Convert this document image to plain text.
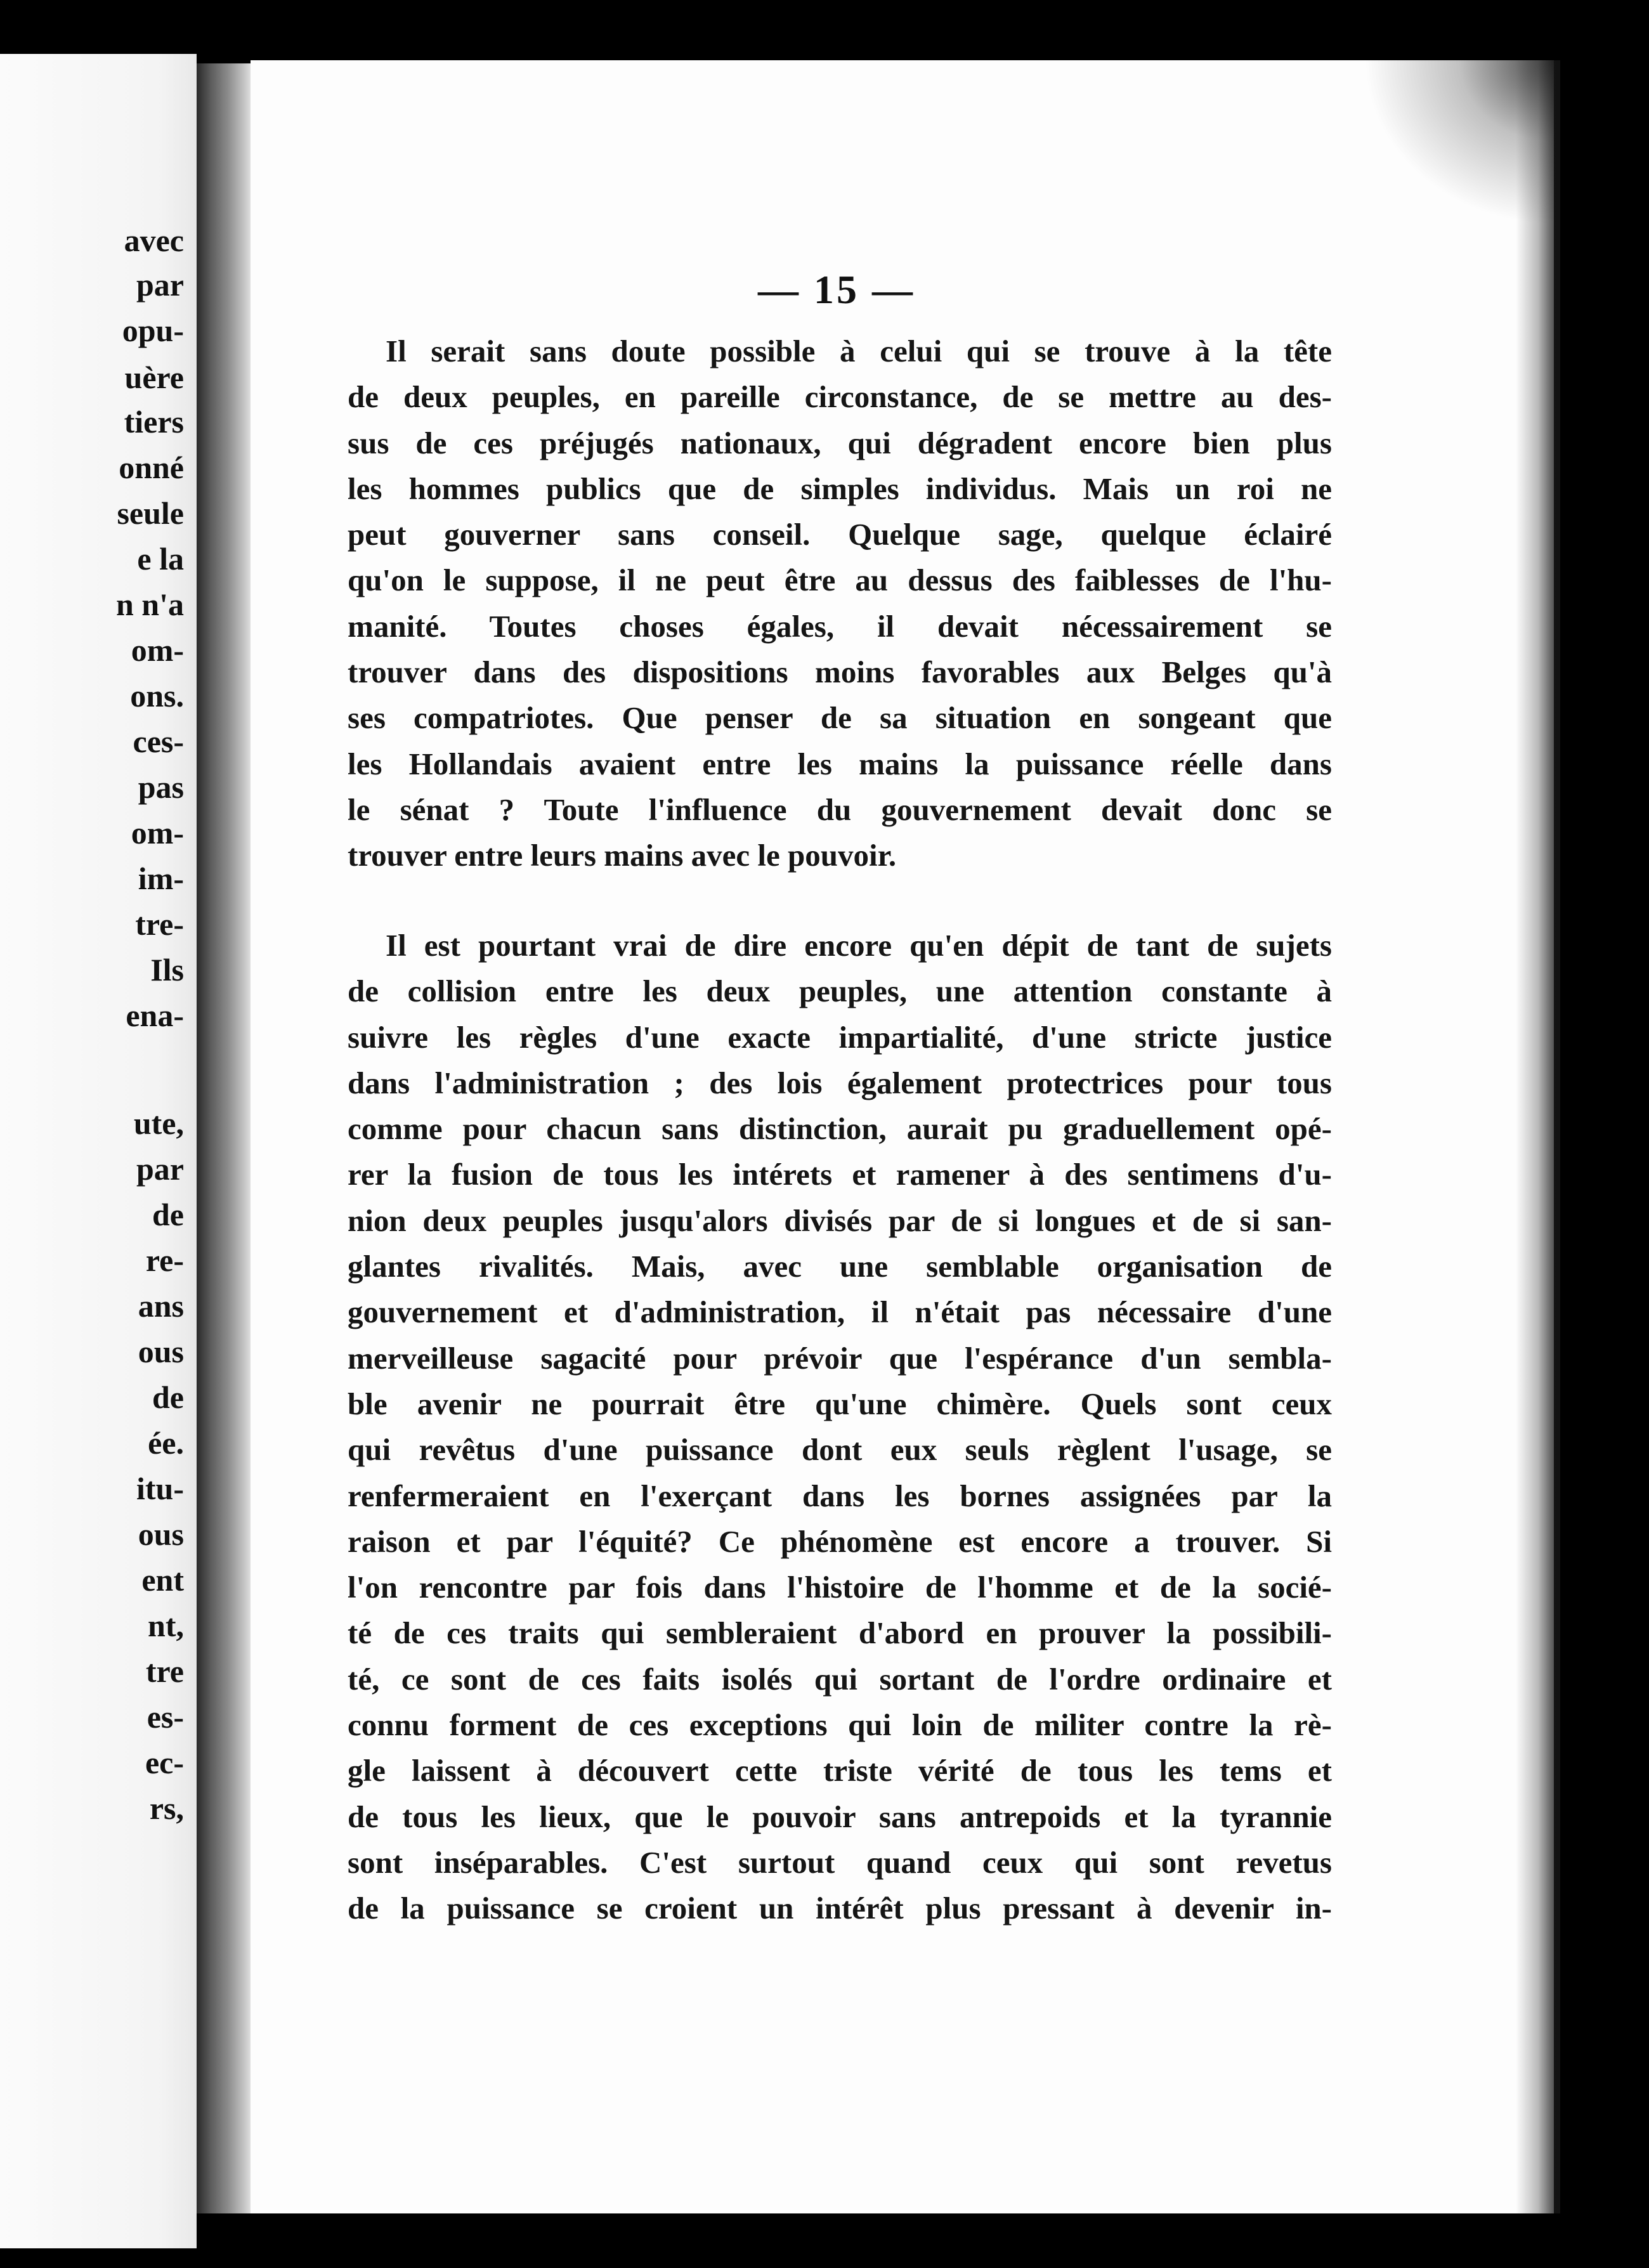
avec
par
opu-
uère
tiers
onné
seule
e la
n n'a
om-
ons.
ces-
pas
om-
im-
tre-
Ils
ena-
ute,
par
de
re-
ans
ous
de
ée.
itu-
ous
ent
nt,
tre
es-
ec-
rs,
— 15 —
Il serait sans doute possible à celui qui se trouve à la tête
de deux peuples, en pareille circonstance, de se mettre au des-
sus de ces préjugés nationaux, qui dégradent encore bien plus
les hommes publics que de simples individus. Mais un roi ne
peut gouverner sans conseil. Quelque sage, quelque éclairé
qu'on le suppose, il ne peut être au dessus des faiblesses de l'hu-
manité. Toutes choses égales, il devait nécessairement se
trouver dans des dispositions moins favorables aux Belges qu'à
ses compatriotes. Que penser de sa situation en songeant que
les Hollandais avaient entre les mains la puissance réelle dans
le sénat ? Toute l'influence du gouvernement devait donc se
trouver entre leurs mains avec le pouvoir.
Il est pourtant vrai de dire encore qu'en dépit de tant de sujets
de collision entre les deux peuples, une attention constante à
suivre les règles d'une exacte impartialité, d'une stricte justice
dans l'administration ; des lois également protectrices pour tous
comme pour chacun sans distinction, aurait pu graduellement opé-
rer la fusion de tous les intérets et ramener à des sentimens d'u-
nion deux peuples jusqu'alors divisés par de si longues et de si san-
glantes rivalités. Mais, avec une semblable organisation de
gouvernement et d'administration, il n'était pas nécessaire d'une
merveilleuse sagacité pour prévoir que l'espérance d'un sembla-
ble avenir ne pourrait être qu'une chimère. Quels sont ceux
qui revêtus d'une puissance dont eux seuls règlent l'usage, se
renfermeraient en l'exerçant dans les bornes assignées par la
raison et par l'équité? Ce phénomène est encore a trouver. Si
l'on rencontre par fois dans l'histoire de l'homme et de la socié-
té de ces traits qui sembleraient d'abord en prouver la possibili-
té, ce sont de ces faits isolés qui sortant de l'ordre ordinaire et
connu forment de ces exceptions qui loin de militer contre la rè-
gle laissent à découvert cette triste vérité de tous les tems et
de tous les lieux, que le pouvoir sans antrepoids et la tyrannie
sont inséparables. C'est surtout quand ceux qui sont revetus
de la puissance se croient un intérêt plus pressant à devenir in-
